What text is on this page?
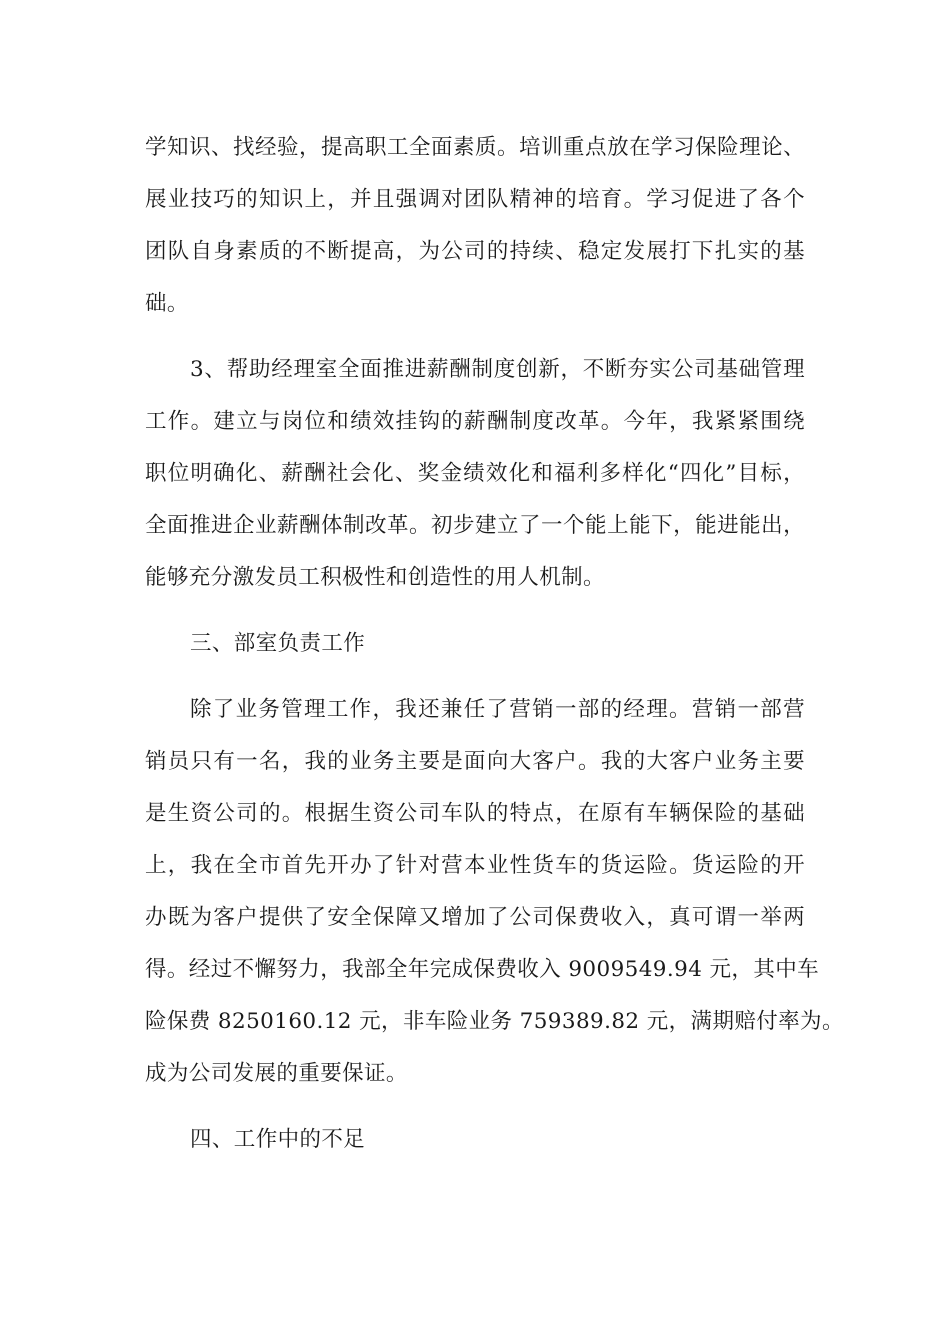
学知识、找经验，提高职工全面素质。培训重点放在学习保险理论、
展业技巧的知识上，并且强调对团队精神的培育。学习促进了各个
团队自身素质的不断提高，为公司的持续、稳定发展打下扎实的基
础。
3、帮助经理室全面推进薪酬制度创新，不断夯实公司基础管理
工作。建立与岗位和绩效挂钩的薪酬制度改革。今年，我紧紧围绕
职位明确化、薪酬社会化、奖金绩效化和福利多样化“四化”目标，
全面推进企业薪酬体制改革。初步建立了一个能上能下，能进能出，
能够充分激发员工积极性和创造性的用人机制。
三、部室负责工作
除了业务管理工作，我还兼任了营销一部的经理。营销一部营
销员只有一名，我的业务主要是面向大客户。我的大客户业务主要
是生资公司的。根据生资公司车队的特点，在原有车辆保险的基础
上，我在全市首先开办了针对营本业性货车的货运险。货运险的开
办既为客户提供了安全保障又增加了公司保费收入，真可谓一举两
得。经过不懈努力，我部全年完成保费收入 9009549.94 元，其中车
险保费 8250160.12 元，非车险业务 759389.82 元，满期赔付率为。
成为公司发展的重要保证。
四、工作中的不足
